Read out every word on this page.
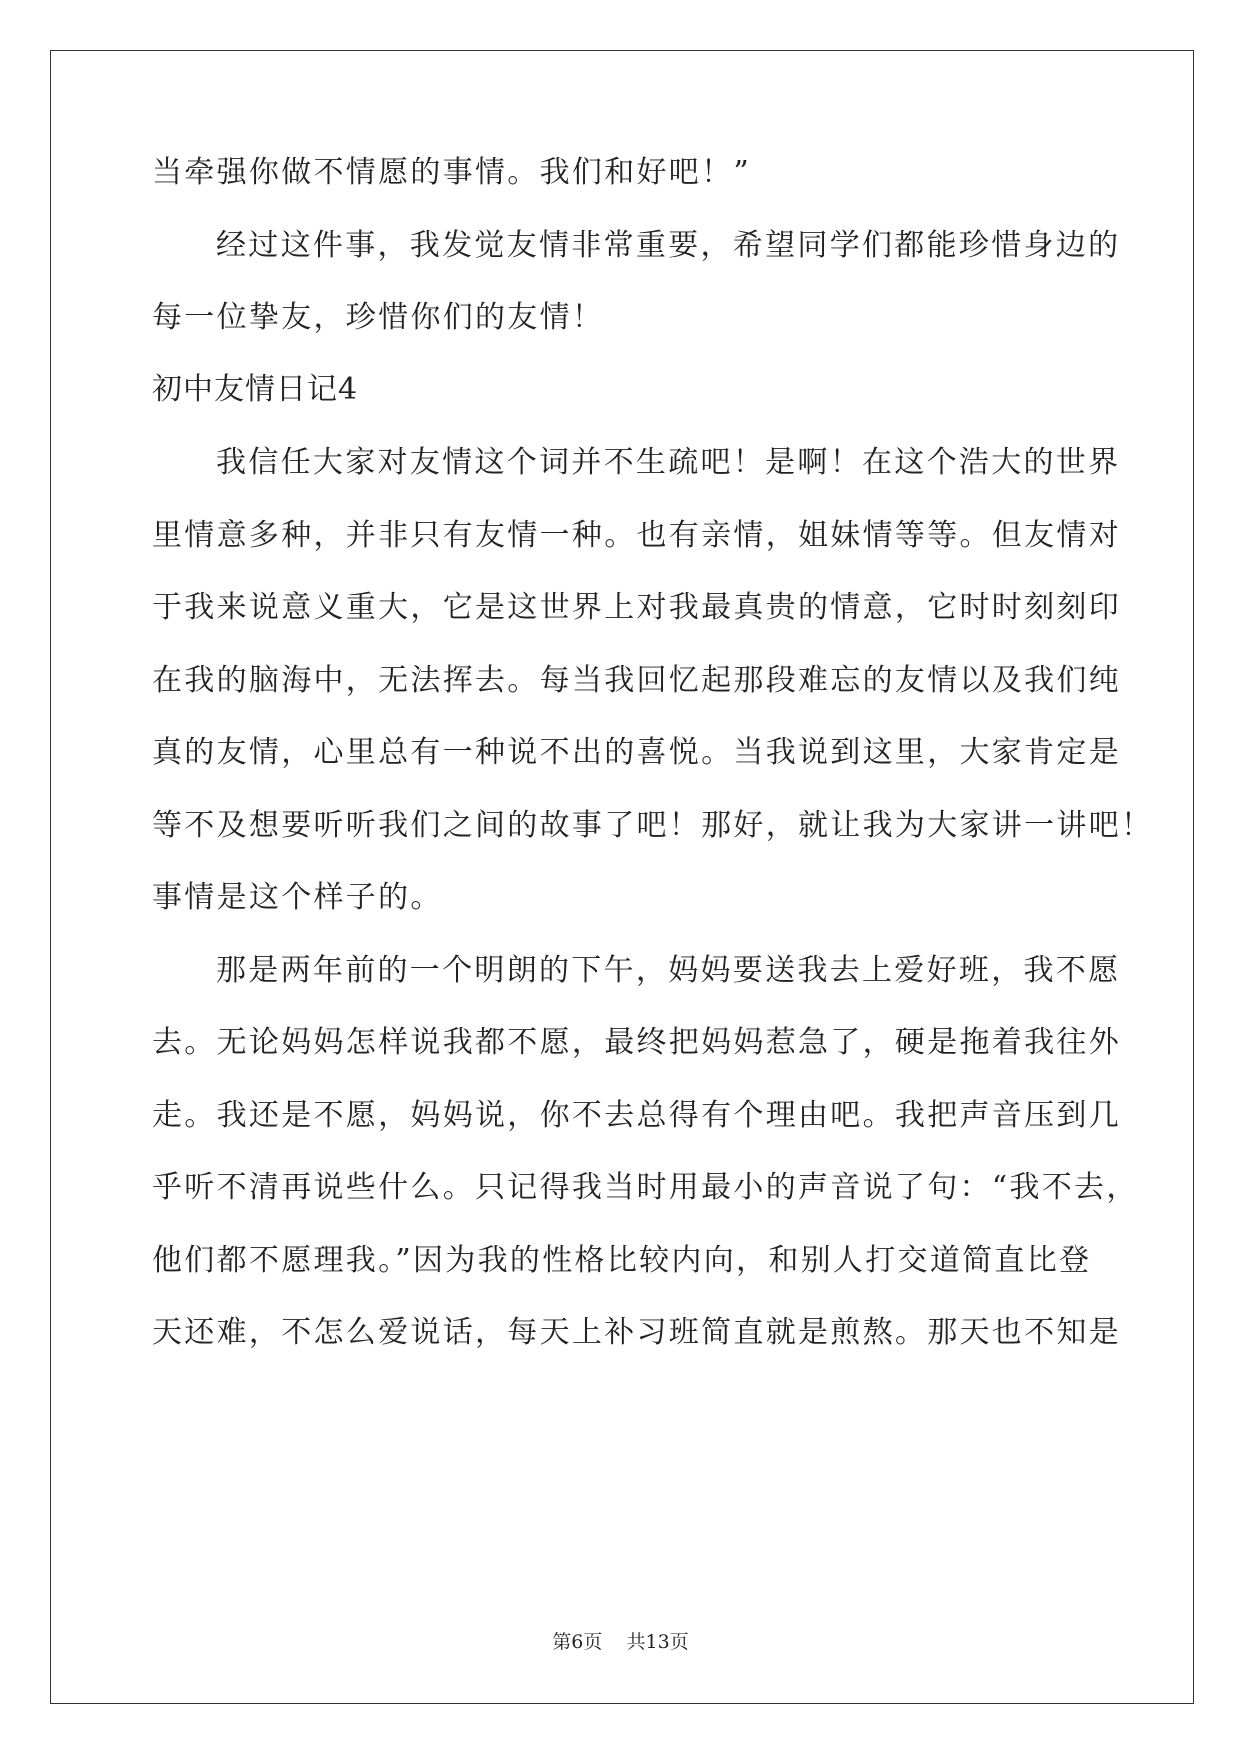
当牵强你做不情愿的事情。我们和好吧！”
经过这件事，我发觉友情非常重要，希望同学们都能珍惜身边的
每一位挚友，珍惜你们的友情！
初中友情日记4
我信任大家对友情这个词并不生疏吧！是啊！在这个浩大的世界
里情意多种，并非只有友情一种。也有亲情，姐妹情等等。但友情对
于我来说意义重大，它是这世界上对我最真贵的情意，它时时刻刻印
在我的脑海中，无法挥去。每当我回忆起那段难忘的友情以及我们纯
真的友情，心里总有一种说不出的喜悦。当我说到这里，大家肯定是
等不及想要听听我们之间的故事了吧！那好，就让我为大家讲一讲吧！
事情是这个样子的。
那是两年前的一个明朗的下午，妈妈要送我去上爱好班，我不愿
去。无论妈妈怎样说我都不愿，最终把妈妈惹急了，硬是拖着我往外
走。我还是不愿，妈妈说，你不去总得有个理由吧。我把声音压到几
乎听不清再说些什么。只记得我当时用最小的声音说了句：“我不去，
他们都不愿理我。”因为我的性格比较内向，和别人打交道简直比登
天还难，不怎么爱说话，每天上补习班简直就是煎熬。那天也不知是
第6页 共13页
